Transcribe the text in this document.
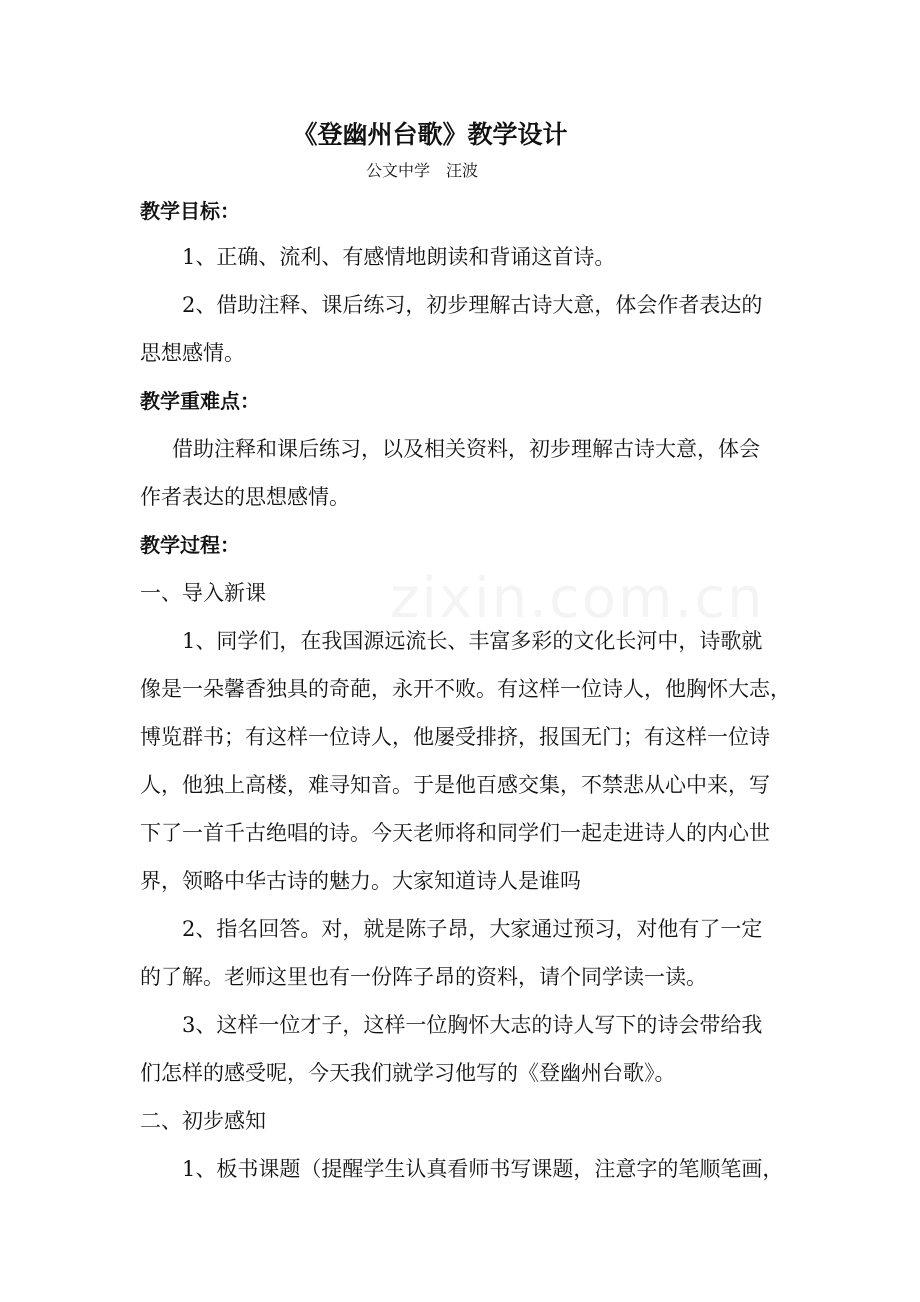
《登幽州台歌》教学设计
公文中学　汪波
教学目标：
1、正确、流利、有感情地朗读和背诵这首诗。
2、借助注释、课后练习，初步理解古诗大意，体会作者表达的
思想感情。
教学重难点：
借助注释和课后练习，以及相关资料，初步理解古诗大意，体会
作者表达的思想感情。
教学过程：
一、导入新课
1、同学们，在我国源远流长、丰富多彩的文化长河中，诗歌就
像是一朵馨香独具的奇葩，永开不败。有这样一位诗人，他胸怀大志，
博览群书；有这样一位诗人，他屡受排挤，报国无门；有这样一位诗
人，他独上高楼，难寻知音。于是他百感交集，不禁悲从心中来，写
下了一首千古绝唱的诗。今天老师将和同学们一起走进诗人的内心世
界，领略中华古诗的魅力。大家知道诗人是谁吗
2、指名回答。对，就是陈子昂，大家通过预习，对他有了一定
的了解。老师这里也有一份阵子昂的资料，请个同学读一读。
3、这样一位才子，这样一位胸怀大志的诗人写下的诗会带给我
们怎样的感受呢，今天我们就学习他写的《登幽州台歌》。
二、初步感知
1、板书课题（提醒学生认真看师书写课题，注意字的笔顺笔画，
